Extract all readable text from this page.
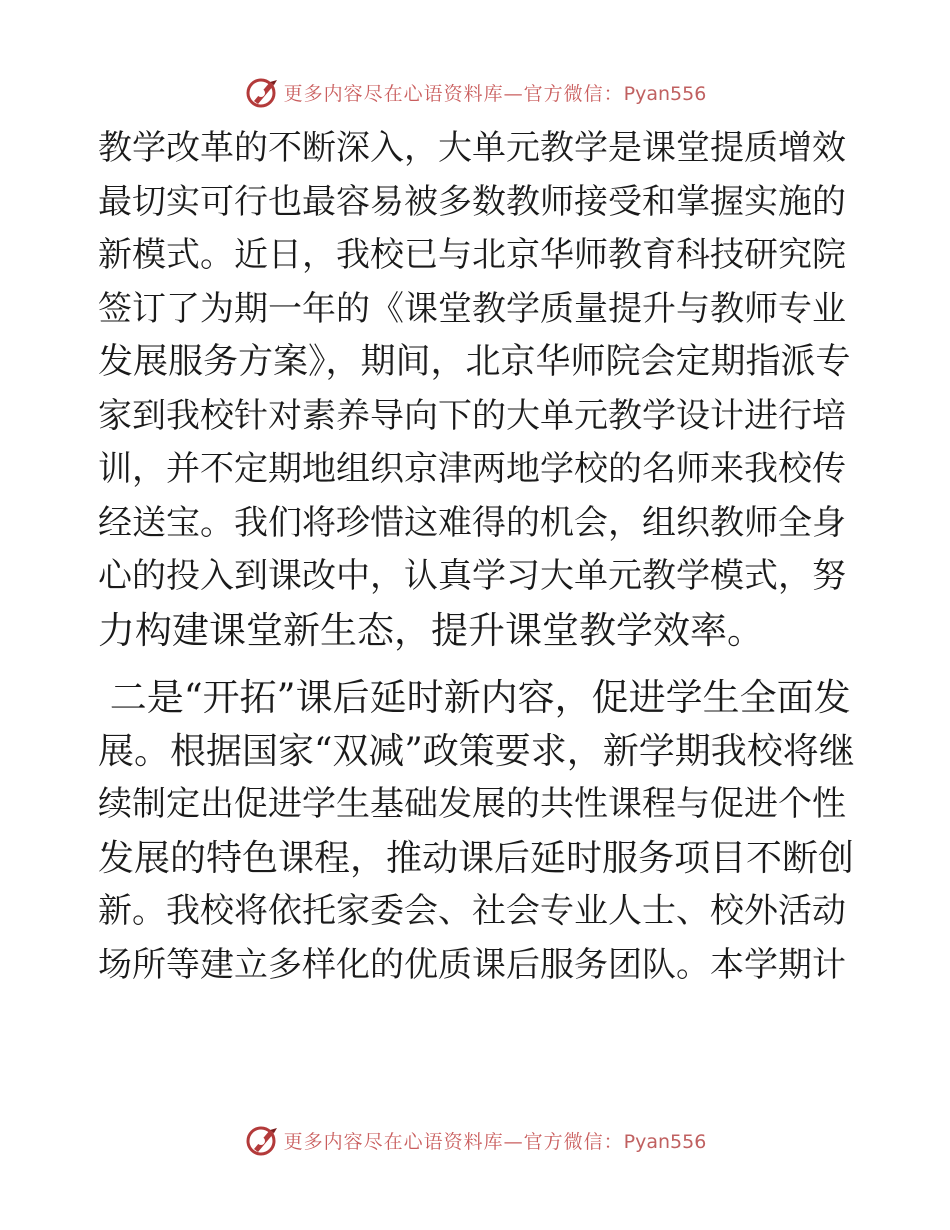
更多内容尽在心语资料库—官方微信：Pyan556
教学改革的不断深入，大单元教学是课堂提质增效
最切实可行也最容易被多数教师接受和掌握实施的
新模式。近日，我校已与北京华师教育科技研究院
签订了为期一年的《课堂教学质量提升与教师专业
发展服务方案》，期间，北京华师院会定期指派专
家到我校针对素养导向下的大单元教学设计进行培
训，并不定期地组织京津两地学校的名师来我校传
经送宝。我们将珍惜这难得的机会，组织教师全身
心的投入到课改中，认真学习大单元教学模式，努
力构建课堂新生态，提升课堂教学效率。
二是“开拓”课后延时新内容，促进学生全面发
展。根据国家“双减”政策要求，新学期我校将继
续制定出促进学生基础发展的共性课程与促进个性
发展的特色课程，推动课后延时服务项目不断创
新。我校将依托家委会、社会专业人士、校外活动
场所等建立多样化的优质课后服务团队。本学期计
更多内容尽在心语资料库—官方微信：Pyan556
